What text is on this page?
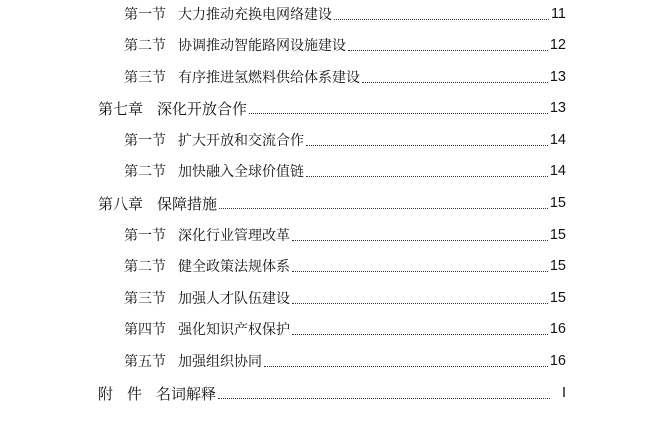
第一节 大力推动充换电网络建设	11
第二节 协调推动智能路网设施建设	12
第三节 有序推进氢燃料供给体系建设	13
第七章 深化开放合作	13
第一节 扩大开放和交流合作	14
第二节 加快融入全球价值链	14
第八章 保障措施	15
第一节 深化行业管理改革	15
第二节 健全政策法规体系	15
第三节 加强人才队伍建设	15
第四节 强化知识产权保护	16
第五节 加强组织协同	16
附件 名词解释	I
